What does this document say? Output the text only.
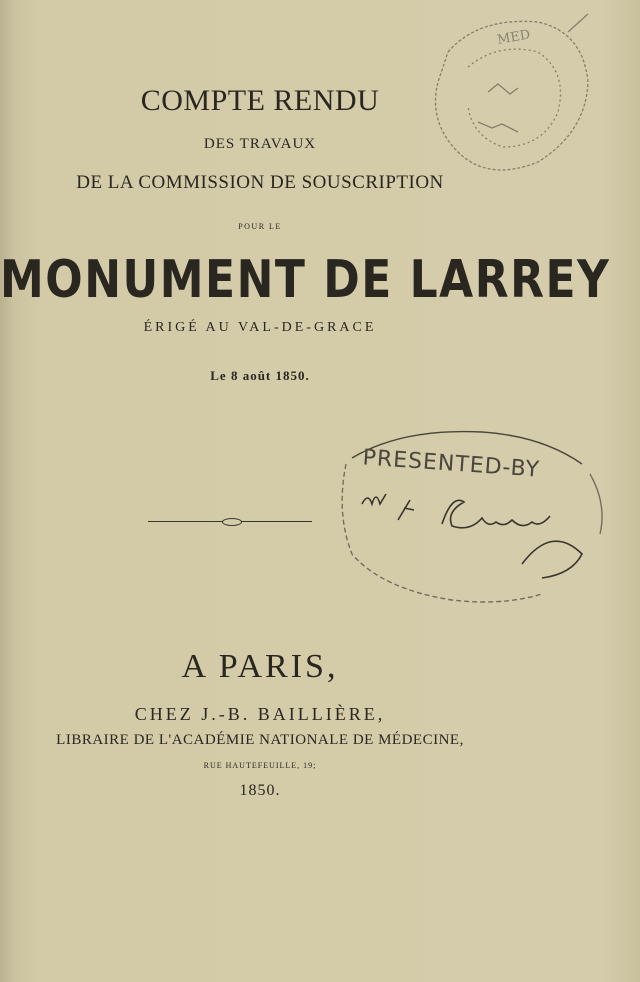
COMPTE RENDU
DES TRAVAUX
DE LA COMMISSION DE SOUSCRIPTION
POUR LE
MONUMENT DE LARREY
ÉRIGÉ AU VAL-DE-GRACE
Le 8 août 1850.
A PARIS,
CHEZ J.-B. BAILLIÈRE,
LIBRAIRE DE L'ACADÉMIE NATIONALE DE MÉDECINE,
RUE HAUTEFEUILLE, 19;
1850.
MED
PRESENTED-BY
